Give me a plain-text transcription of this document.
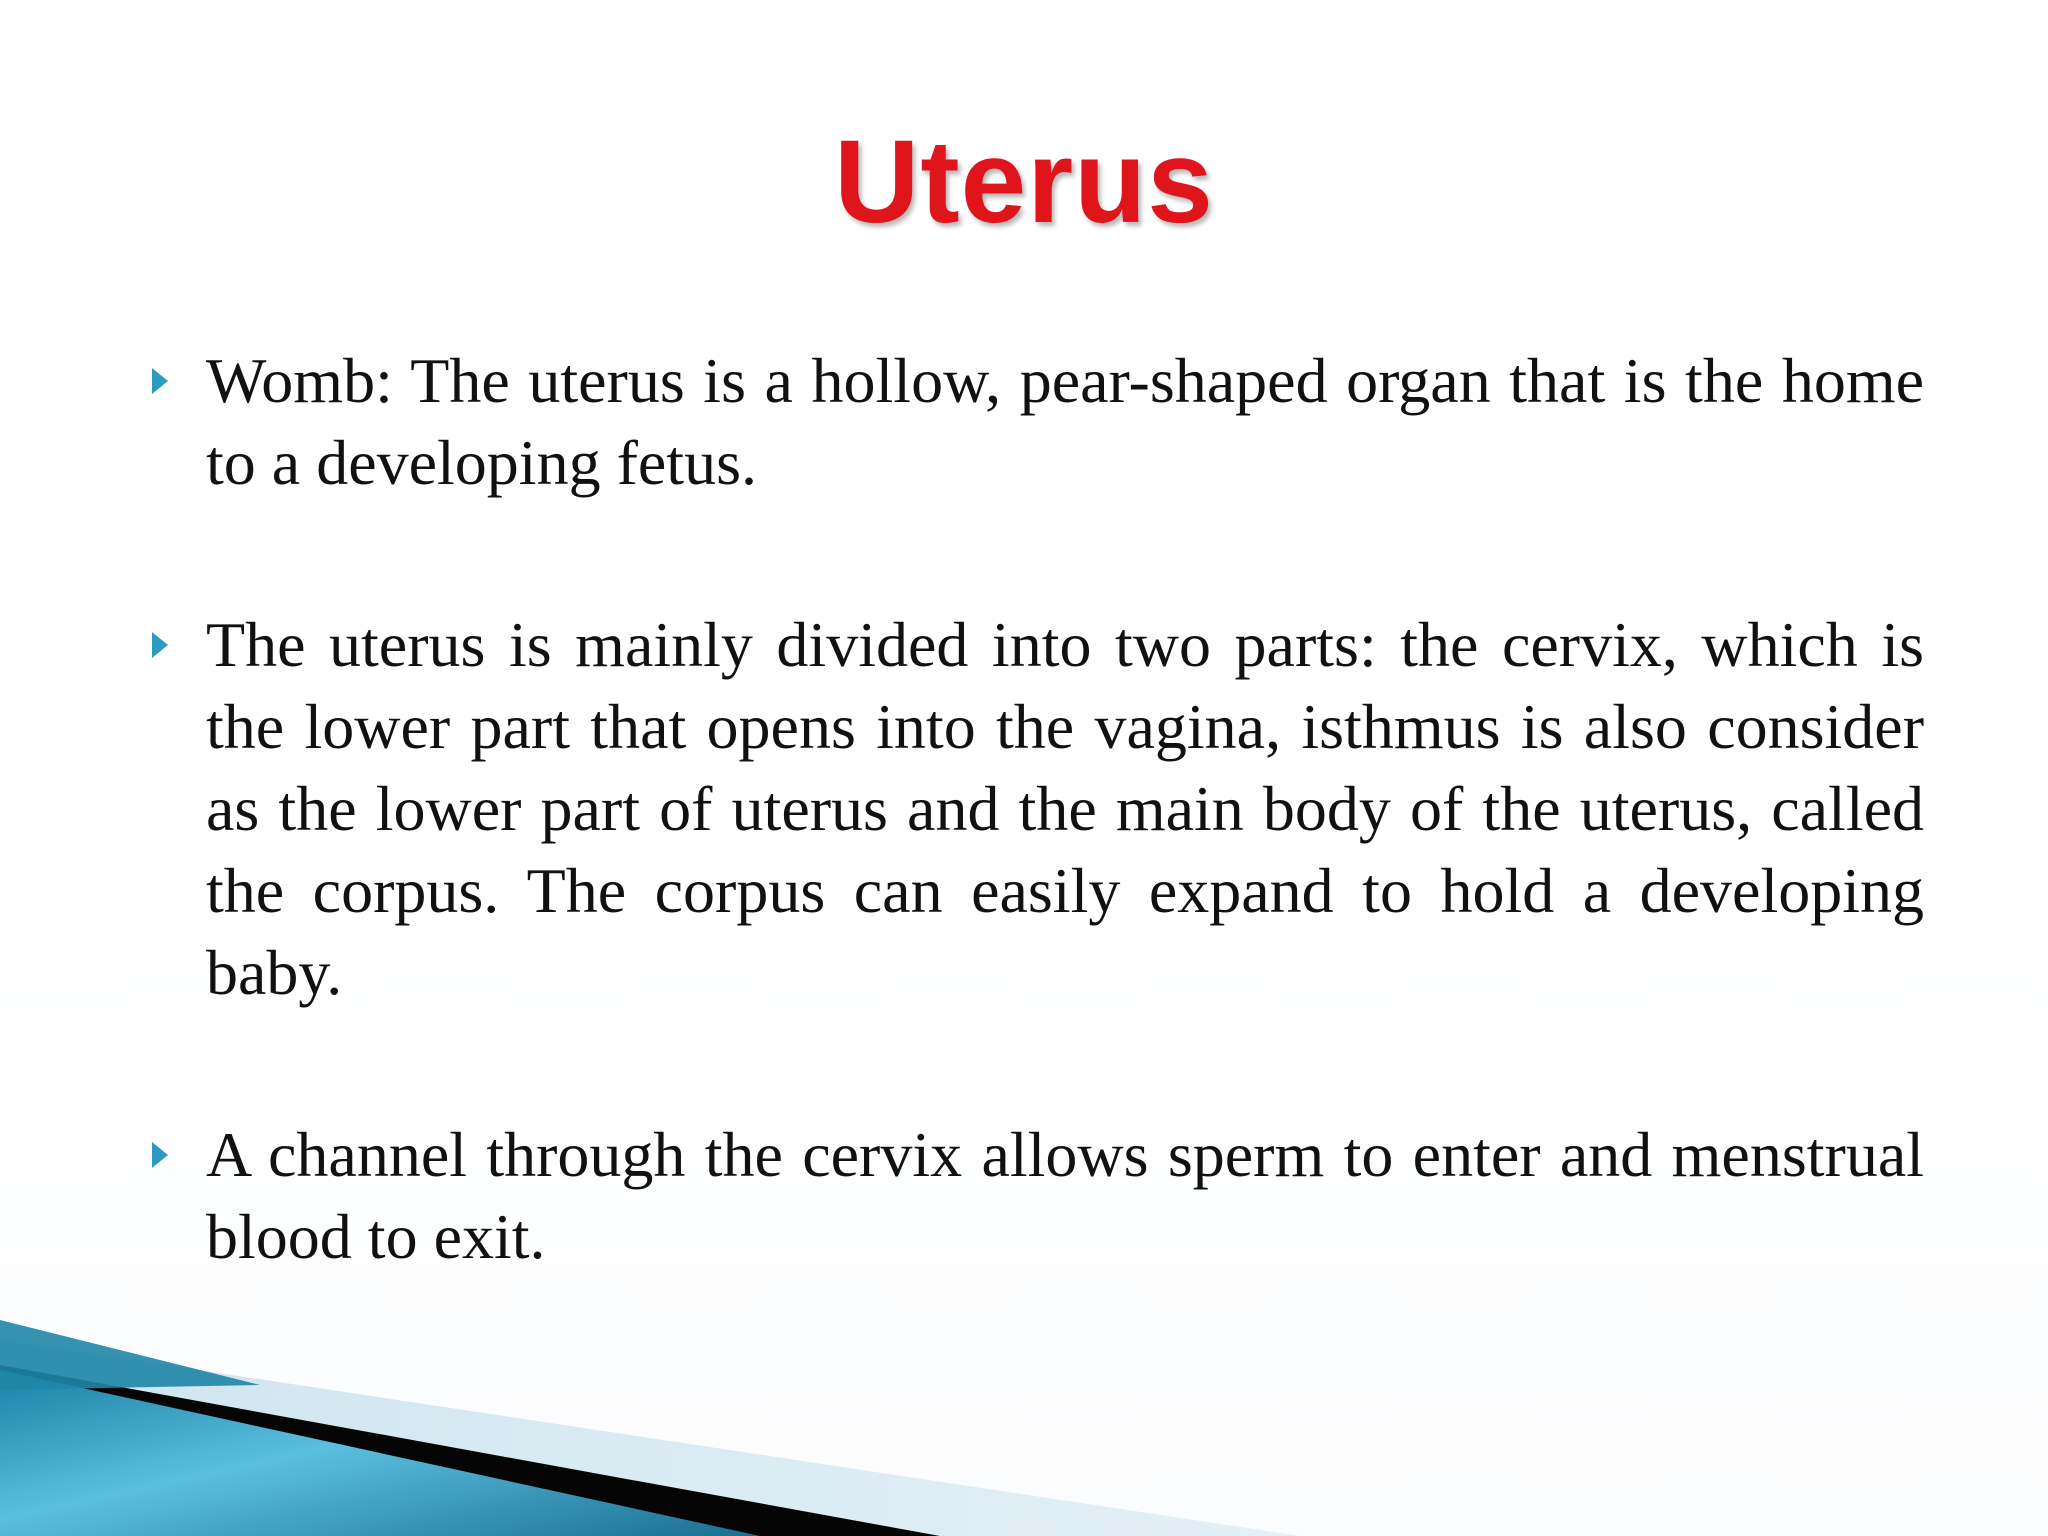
Uterus

Womb: The uterus is a hollow, pear-shaped organ that is the home to a developing fetus.

The uterus is mainly divided into two parts: the cervix, which is the lower part that opens into the vagina, isthmus is also consider as the lower part of uterus and the main body of the uterus, called the corpus. The corpus can easily expand to hold a developing baby.

A channel through the cervix allows sperm to enter and menstrual blood to exit.
